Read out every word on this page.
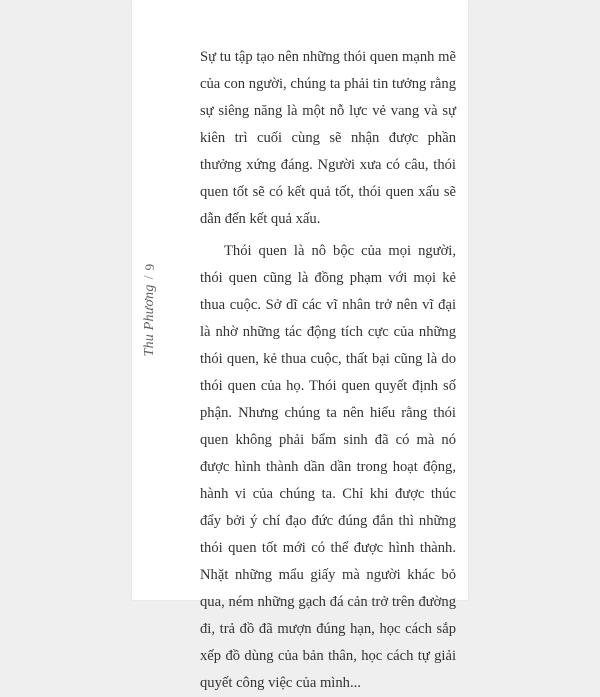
Thu Phương
/
9

Sự tu tập tạo nên những thói quen mạnh mẽ của con người, chúng ta phải tin tưởng rằng sự siêng năng là một nỗ lực vẻ vang và sự kiên trì cuối cùng sẽ nhận được phần thưởng xứng đáng. Người xưa có câu, thói quen tốt sẽ có kết quả tốt, thói quen xấu sẽ dẫn đến kết quả xấu.

Thói quen là nô bộc của mọi người, thói quen cũng là đồng phạm với mọi kẻ thua cuộc. Sở dĩ các vĩ nhân trở nên vĩ đại là nhờ những tác động tích cực của những thói quen, kẻ thua cuộc, thất bại cũng là do thói quen của họ. Thói quen quyết định số phận. Nhưng chúng ta nên hiểu rằng thói quen không phải bẩm sinh đã có mà nó được hình thành dần dần trong hoạt động, hành vi của chúng ta. Chỉ khi được thúc đẩy bởi ý chí đạo đức đúng đắn thì những thói quen tốt mới có thể được hình thành. Nhặt những mẩu giấy mà người khác bỏ qua, ném những gạch đá cản trở trên đường đi, trả đồ đã mượn đúng hạn, học cách sắp xếp đồ dùng của bản thân, học cách tự giải quyết công việc của mình...
